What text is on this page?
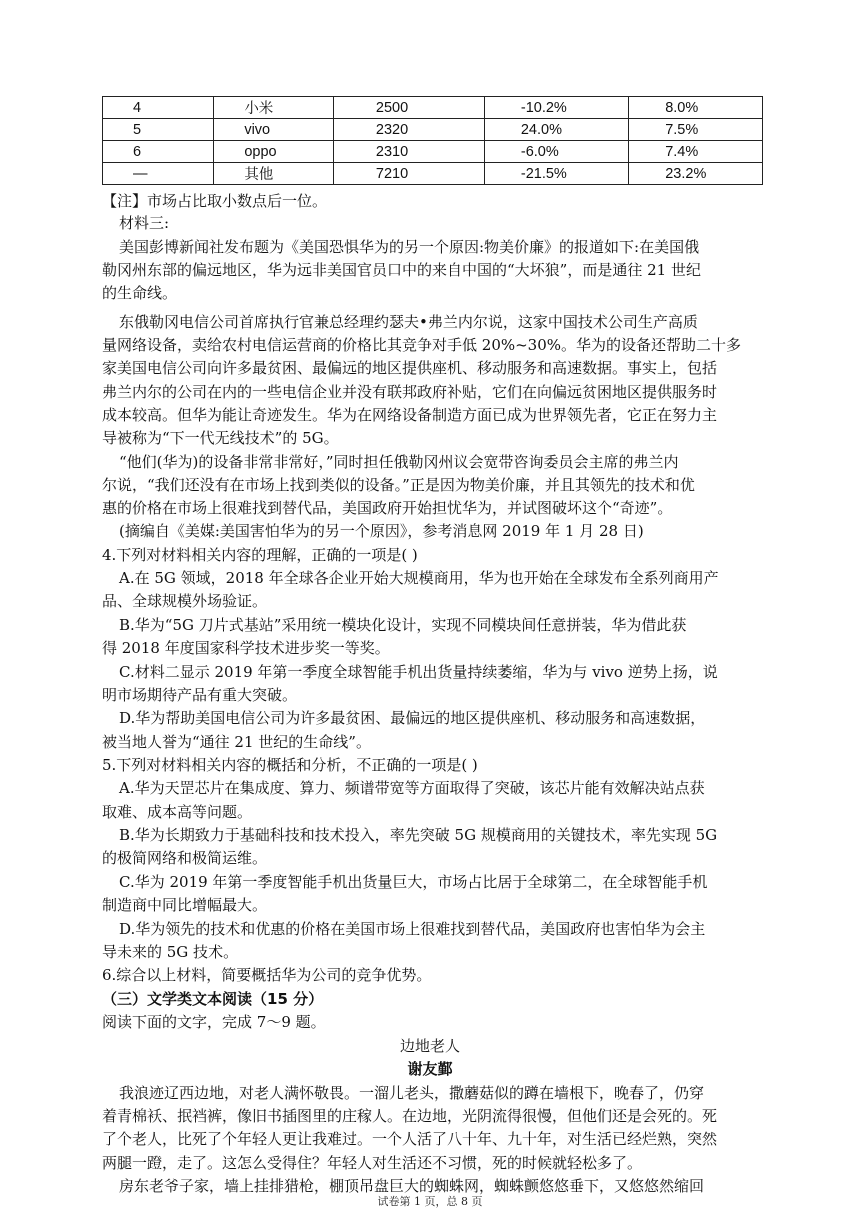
4	小米	2500	-10.2%	8.0%
5	vivo	2320	24.0%	7.5%
6	oppo	2310	-6.0%	7.4%
—	其他	7210	-21.5%	23.2%
【注】市场占比取小数点后一位。
材料三:
美国彭博新闻社发布题为《美国恐惧华为的另一个原因:物美价廉》的报道如下:在美国俄
勒冈州东部的偏远地区，华为远非美国官员口中的来自中国的“大坏狼”，而是通往 21 世纪
的生命线。
东俄勒冈电信公司首席执行官兼总经理约瑟夫•弗兰内尔说，这家中国技术公司生产高质
量网络设备，卖给农村电信运营商的价格比其竞争对手低 20%~30%。华为的设备还帮助二十多
家美国电信公司向许多最贫困、最偏远的地区提供座机、移动服务和高速数据。事实上，包括
弗兰内尔的公司在内的一些电信企业并没有联邦政府补贴，它们在向偏远贫困地区提供服务时
成本较高。但华为能让奇迹发生。华为在网络设备制造方面已成为世界领先者，它正在努力主
导被称为“下一代无线技术”的 5G。
“他们(华为)的设备非常非常好，”同时担任俄勒冈州议会宽带咨询委员会主席的弗兰内
尔说，“我们还没有在市场上找到类似的设备。”正是因为物美价廉，并且其领先的技术和优
惠的价格在市场上很难找到替代品，美国政府开始担忧华为，并试图破坏这个“奇迹”。
(摘编自《美媒:美国害怕华为的另一个原因》，参考消息网 2019 年 1 月 28 日)
4.下列对材料相关内容的理解，正确的一项是( )
A.在 5G 领域，2018 年全球各企业开始大规模商用，华为也开始在全球发布全系列商用产
品、全球规模外场验证。
B.华为“5G 刀片式基站”采用统一模块化设计，实现不同模块间任意拼装，华为借此获
得 2018 年度国家科学技术进步奖一等奖。
C.材料二显示 2019 年第一季度全球智能手机出货量持续萎缩，华为与 vivo 逆势上扬，说
明市场期待产品有重大突破。
D.华为帮助美国电信公司为许多最贫困、最偏远的地区提供座机、移动服务和高速数据，
被当地人誉为“通往 21 世纪的生命线”。
5.下列对材料相关内容的概括和分析，不正确的一项是( )
A.华为天罡芯片在集成度、算力、频谱带宽等方面取得了突破，该芯片能有效解决站点获
取难、成本高等问题。
B.华为长期致力于基础科技和技术投入，率先突破 5G 规模商用的关键技术，率先实现 5G
的极简网络和极简运维。
C.华为 2019 年第一季度智能手机出货量巨大，市场占比居于全球第二，在全球智能手机
制造商中同比增幅最大。
D.华为领先的技术和优惠的价格在美国市场上很难找到替代品，美国政府也害怕华为会主
导未来的 5G 技术。
6.综合以上材料，简要概括华为公司的竞争优势。
（三）文学类文本阅读（15 分）
阅读下面的文字，完成 7～9 题。
边地老人
谢友鄞
我浪迹辽西边地，对老人满怀敬畏。一溜儿老头，撒蘑菇似的蹲在墙根下，晚春了，仍穿
着青棉袄、抿裆裤，像旧书插图里的庄稼人。在边地，光阴流得很慢，但他们还是会死的。死
了个老人，比死了个年轻人更让我难过。一个人活了八十年、九十年，对生活已经烂熟，突然
两腿一蹬，走了。这怎么受得住？年轻人对生活还不习惯，死的时候就轻松多了。
房东老爷子家，墙上挂排猎枪，棚顶吊盘巨大的蜘蛛网，蜘蛛颤悠悠垂下，又悠悠然缩回
试卷第 1 页，总 8 页
